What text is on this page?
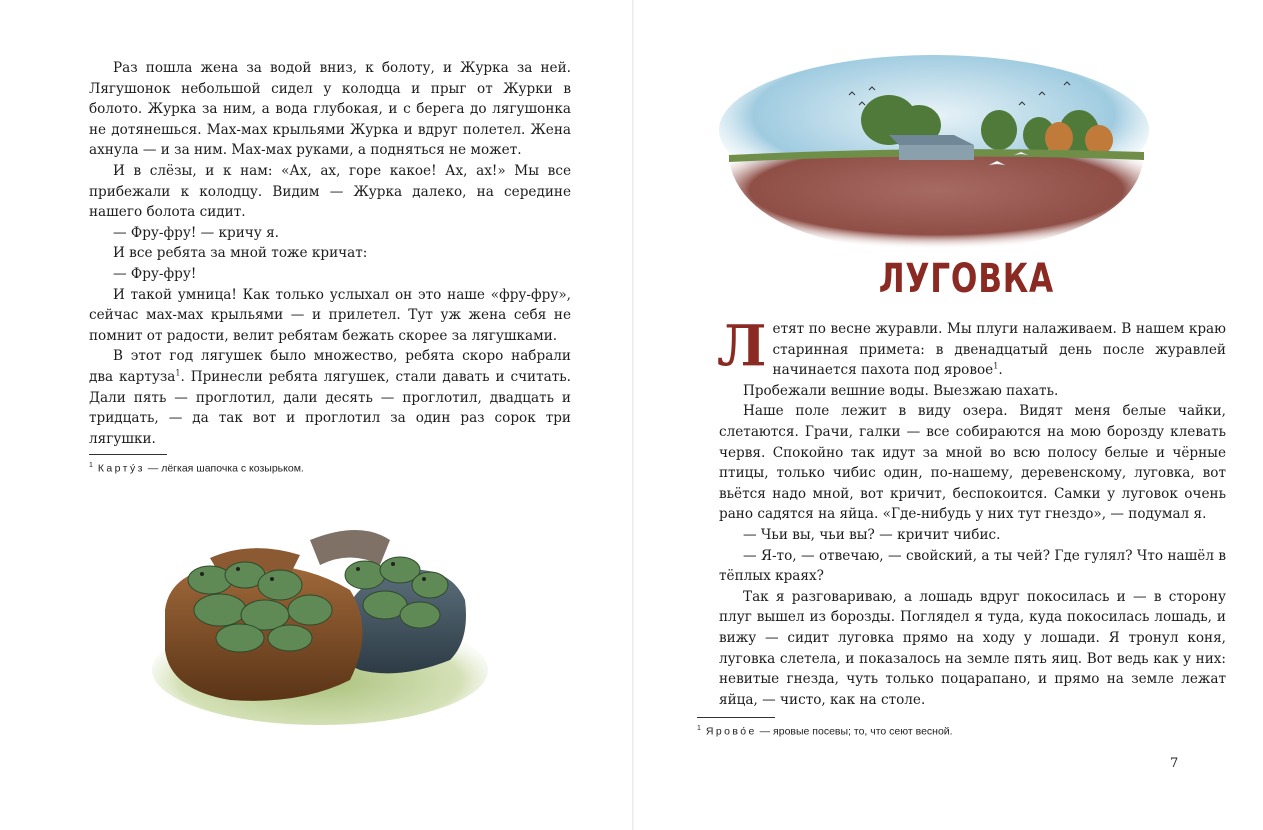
Раз пошла жена за водой вниз, к болоту, и Журка за ней. Лягушонок небольшой сидел у колодца и прыг от Журки в болото. Журка за ним, а вода глубокая, и с берега до лягушонка не дотянешься. Мах-мах крыльями Журка и вдруг полетел. Жена ахнула — и за ним. Мах-мах руками, а подняться не может.

И в слёзы, и к нам: «Ах, ах, горе какое! Ах, ах!» Мы все прибежали к колодцу. Видим — Журка далеко, на середине нашего болота сидит.

— Фру-фру! — кричу я.

И все ребята за мной тоже кричат:

— Фру-фру!

И такой умница! Как только услыхал он это наше «фру-фру», сейчас мах-мах крыльями — и прилетел. Тут уж жена себя не помнит от радости, велит ребятам бежать скорее за лягушками.

В этот год лягушек было множество, ребята скоро набрали два картуза$^1$. Принесли ребята лягушек, стали давать и считать. Дали пять — проглотил, дали десять — проглотил, двадцать и тридцать, — да так вот и проглотил за один раз сорок три лягушки.

$^1$ Карту́з — лёгкая шапочка с козырьком.
ЛУГОВКА

Летят по весне журавли. Мы плуги налаживаем. В нашем краю старинная примета: в двенадцатый день после журавлей начинается пахота под яровое$^1$.

Пробежали вешние воды. Выезжаю пахать.

Наше поле лежит в виду озера. Видят меня белые чайки, слетаются. Грачи, галки — все собираются на мою борозду клевать червя. Спокойно так идут за мной во всю полосу белые и чёрные птицы, только чибис один, по-нашему, деревенскому, луговка, вот вьётся надо мной, вот кричит, беспокоится. Самки у луговок очень рано садятся на яйца. «Где-нибудь у них тут гнездо», — подумал я.

— Чьи вы, чьи вы? — кричит чибис.

— Я-то, — отвечаю, — свойский, а ты чей? Где гулял? Что нашёл в тёплых краях?

Так я разговариваю, а лошадь вдруг покосилась и — в сторону плуг вышел из борозды. Поглядел я туда, куда покосилась лошадь, и вижу — сидит луговка прямо на ходу у лошади. Я тронул коня, луговка слетела, и показалось на земле пять яиц. Вот ведь как у них: невитые гнезда, чуть только поцарапано, и прямо на земле лежат яйца, — чисто, как на столе.

$^1$ Ярово́е — яровые посевы; то, что сеют весной.
7
